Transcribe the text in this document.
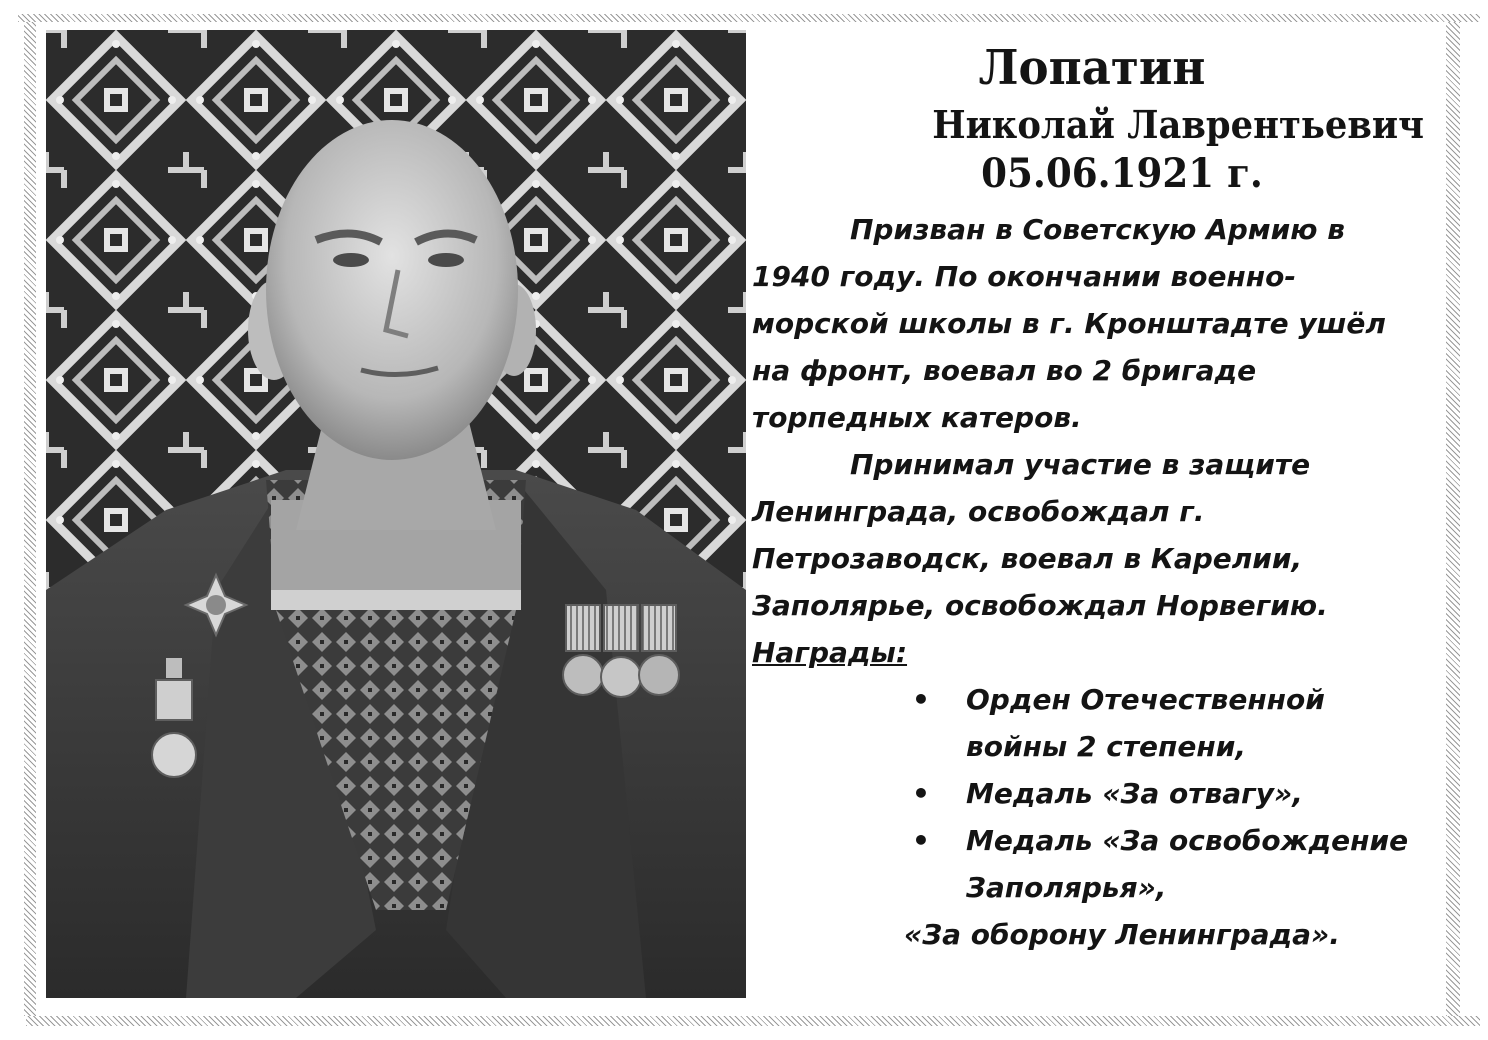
Лопатин
Николай Лаврентьевич
05.06.1921 г.

Призван в Советскую Армию в 1940 году. По окончании военно-морской школы в г. Кронштадте ушёл на фронт, воевал во 2 бригаде торпедных катеров.

Принимал участие в защите Ленинграда, освобождал г. Петрозаводск, воевал в Карелии, Заполярье, освобождал Норвегию.

Награды:

• Орден Отечественной войны 2 степени,
• Медаль «За отвагу»,
• Медаль «За освобождение Заполярья»,

«За оборону Ленинграда».
